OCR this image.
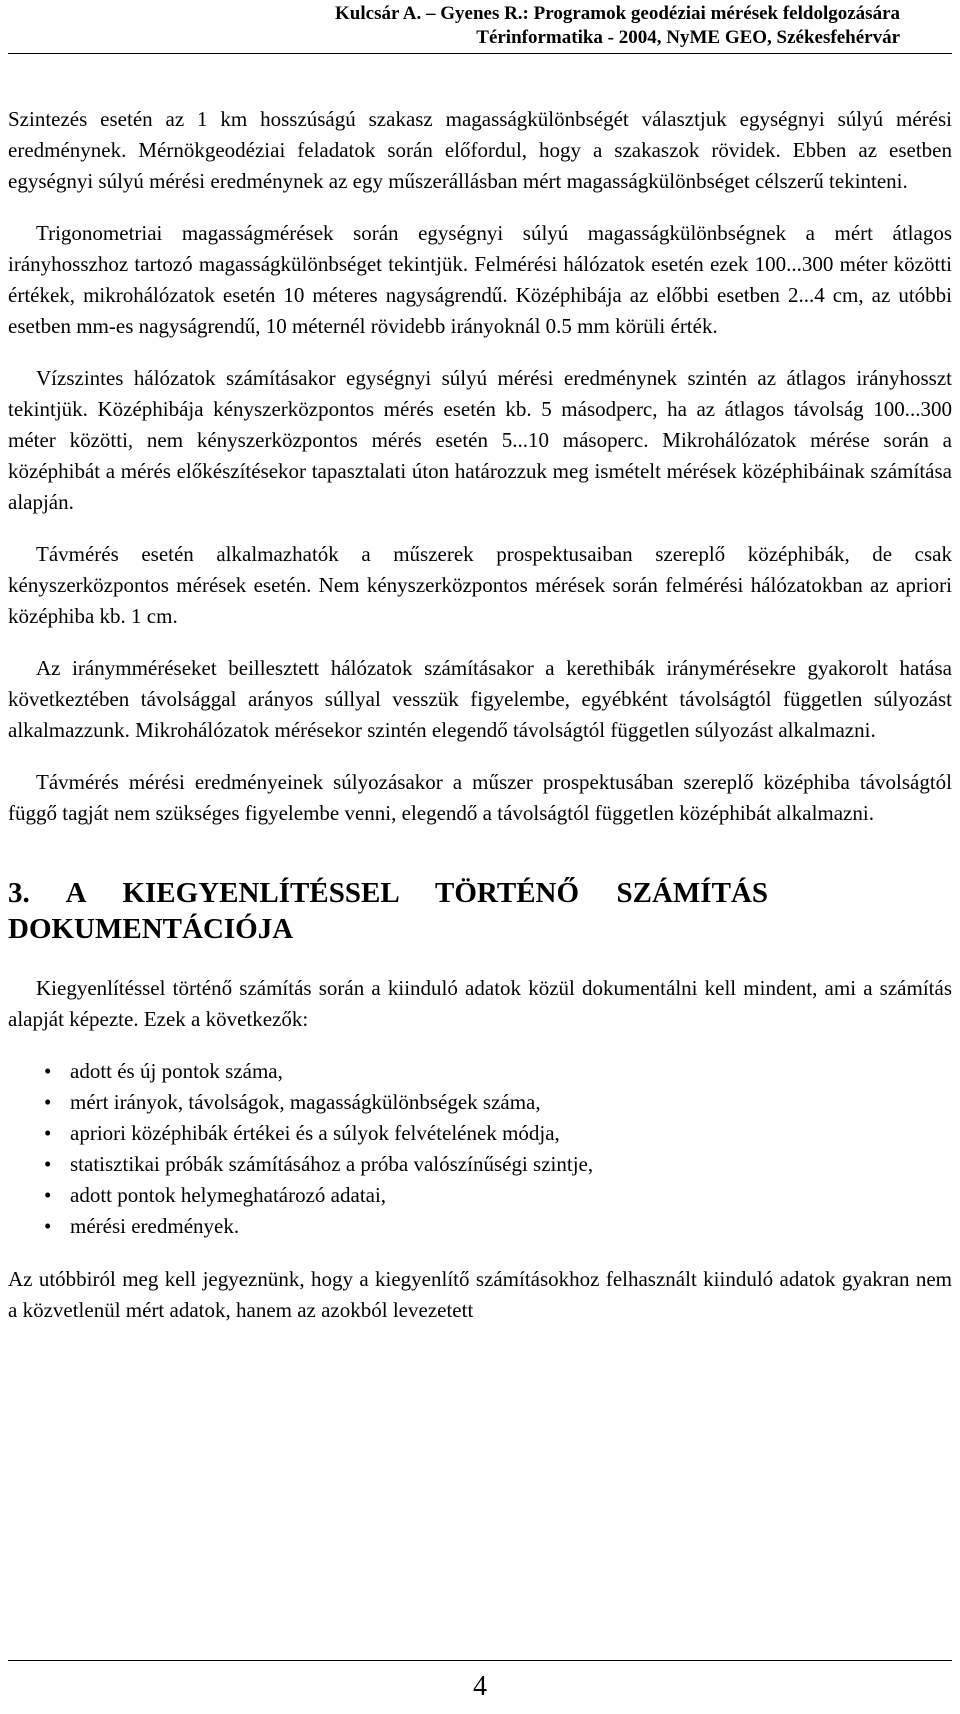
Kulcsár A. – Gyenes R.: Programok geodéziai mérések feldolgozására
Térinformatika - 2004, NyME GEO, Székesfehérvár

Szintezés esetén az 1 km hosszúságú szakasz magasságkülönbségét választjuk egységnyi súlyú mérési eredménynek. Mérnökgeodéziai feladatok során előfordul, hogy a szakaszok rövidek. Ebben az esetben egységnyi súlyú mérési eredménynek az egy műszerállásban mért magasságkülönbséget célszerű tekinteni.

Trigonometriai magasságmérések során egységnyi súlyú magasságkülönbségnek a mért átlagos irányhosszhoz tartozó magasságkülönbséget tekintjük. Felmérési hálózatok esetén ezek 100...300 méter közötti értékek, mikrohálózatok esetén 10 méteres nagyságrendű. Középhibája az előbbi esetben 2...4 cm, az utóbbi esetben mm-es nagyságrendű, 10 méternél rövidebb irányoknál 0.5 mm körüli érték.

Vízszintes hálózatok számításakor egységnyi súlyú mérési eredménynek szintén az átlagos irányhosszt tekintjük. Középhibája kényszerközpontos mérés esetén kb. 5 másodperc, ha az átlagos távolság 100...300 méter közötti, nem kényszerközpontos mérés esetén 5...10 másoperc. Mikrohálózatok mérése során a középhibát a mérés előkészítésekor tapasztalati úton határozzuk meg ismételt mérések középhibáinak számítása alapján.

Távmérés esetén alkalmazhatók a műszerek prospektusaiban szereplő középhibák, de csak kényszerközpontos mérések esetén. Nem kényszerközpontos mérések során felmérési hálózatokban az apriori középhiba kb. 1 cm.

Az iránymméréseket beillesztett hálózatok számításakor a kerethibák iránymérésekre gyakorolt hatása következtében távolsággal arányos súllyal vesszük figyelembe, egyébként távolságtól független súlyozást alkalmazzunk. Mikrohálózatok mérésekor szintén elegendő távolságtól független súlyozást alkalmazni.

Távmérés mérési eredményeinek súlyozásakor a műszer prospektusában szereplő középhiba távolságtól függő tagját nem szükséges figyelembe venni, elegendő a távolságtól független középhibát alkalmazni.

3. A KIEGYENLÍTÉSSEL TÖRTÉNŐ SZÁMÍTÁS DOKUMENTÁCIÓJA

Kiegyenlítéssel történő számítás során a kiinduló adatok közül dokumentálni kell mindent, ami a számítás alapját képezte. Ezek a következők:

• adott és új pontok száma,
• mért irányok, távolságok, magasságkülönbségek száma,
• apriori középhibák értékei és a súlyok felvételének módja,
• statisztikai próbák számításához a próba valószínűségi szintje,
• adott pontok helymeghatározó adatai,
• mérési eredmények.

Az utóbbiról meg kell jegyeznünk, hogy a kiegyenlítő számításokhoz felhasznált kiinduló adatok gyakran nem a közvetlenül mért adatok, hanem az azokból levezetett

4
